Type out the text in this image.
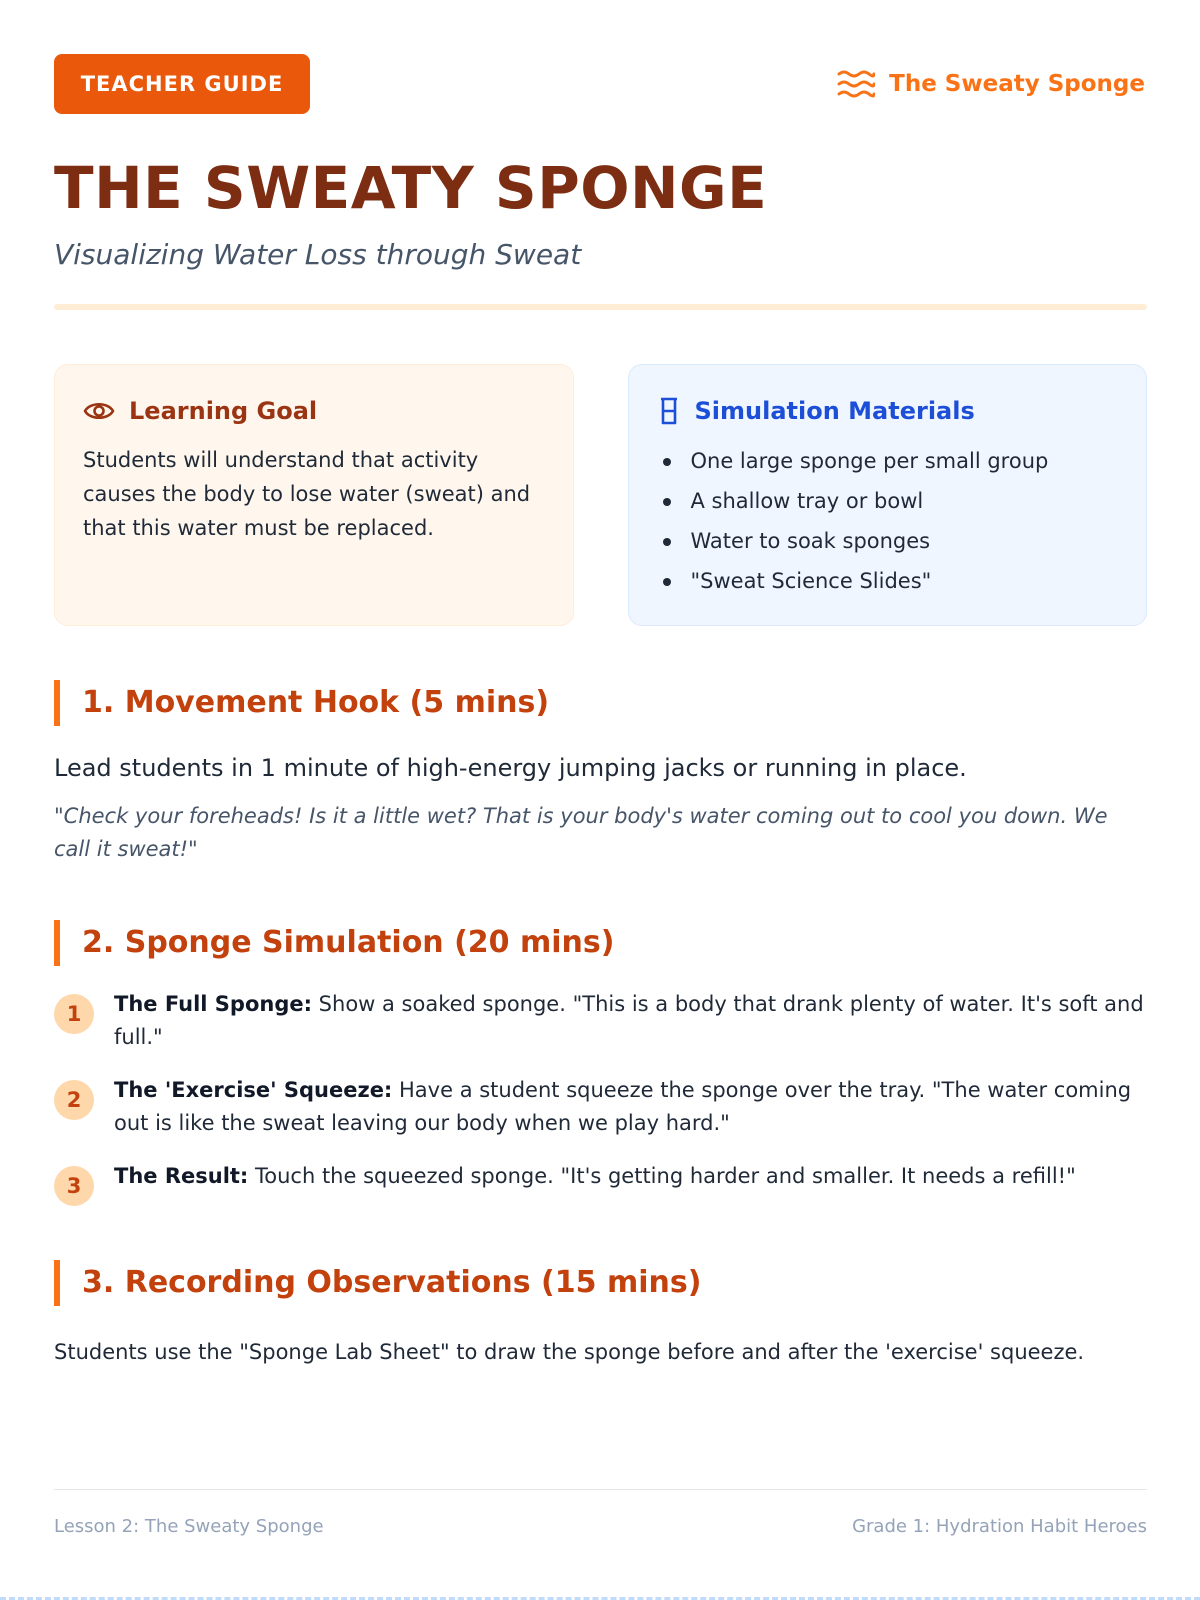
TEACHER GUIDE	The Sweaty Sponge
THE SWEATY SPONGE
Visualizing Water Loss through Sweat
Learning Goal
Students will understand that activity causes the body to lose water (sweat) and that this water must be replaced.
Simulation Materials
One large sponge per small group
A shallow tray or bowl
Water to soak sponges
"Sweat Science Slides"
1. Movement Hook (5 mins)
Lead students in 1 minute of high-energy jumping jacks or running in place.
"Check your foreheads! Is it a little wet? That is your body's water coming out to cool you down. We call it sweat!"
2. Sponge Simulation (20 mins)
1	The Full Sponge: Show a soaked sponge. "This is a body that drank plenty of water. It's soft and full."
2	The 'Exercise' Squeeze: Have a student squeeze the sponge over the tray. "The water coming out is like the sweat leaving our body when we play hard."
3	The Result: Touch the squeezed sponge. "It's getting harder and smaller. It needs a refill!"
3. Recording Observations (15 mins)
Students use the "Sponge Lab Sheet" to draw the sponge before and after the 'exercise' squeeze.
Lesson 2: The Sweaty Sponge	Grade 1: Hydration Habit Heroes
